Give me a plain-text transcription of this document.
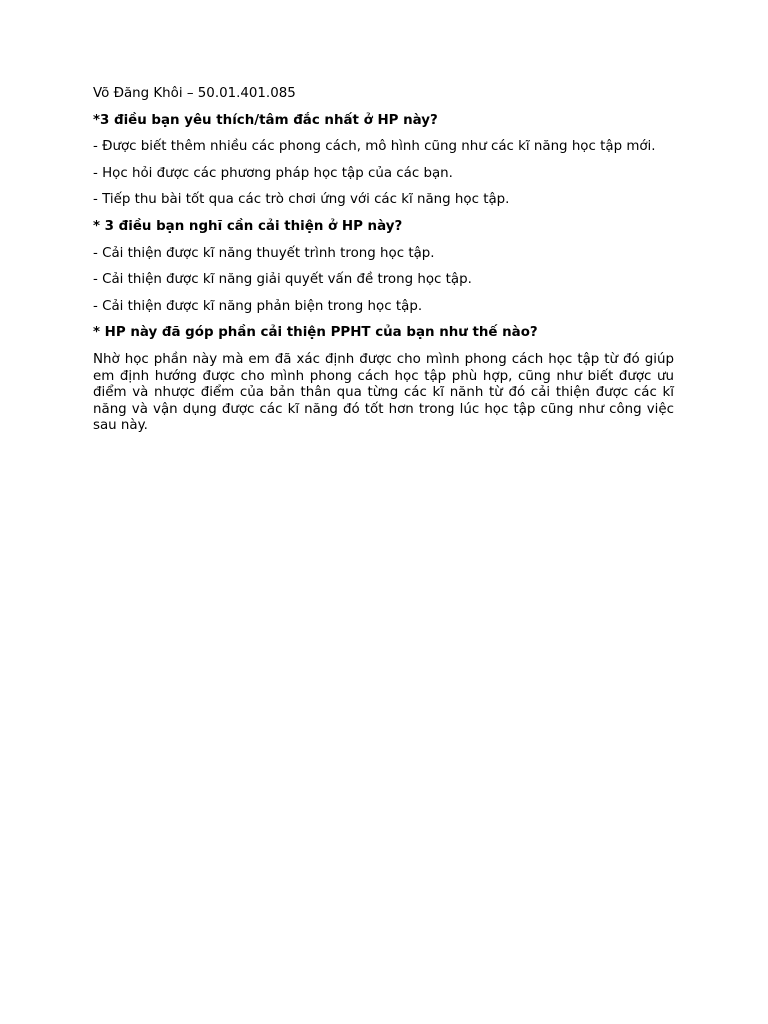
Võ Đăng Khôi – 50.01.401.085

*3 điều bạn yêu thích/tâm đắc nhất ở HP này?

- Được biết thêm nhiều các phong cách, mô hình cũng như các kĩ năng học tập mới.

- Học hỏi được các phương pháp học tập của các bạn.

- Tiếp thu bài tốt qua các trò chơi ứng với các kĩ năng học tập.

* 3 điều bạn nghĩ cần cải thiện ở HP này?

- Cải thiện được kĩ năng thuyết trình trong học tập.

- Cải thiện được kĩ năng giải quyết vấn đề trong học tập.

- Cải thiện được kĩ năng phản biện trong học tập.

* HP này đã góp phần cải thiện PPHT của bạn như thế nào?

Nhờ học phần này mà em đã xác định được cho mình phong cách học tập từ đó giúp em định hướng được cho mình phong cách học tập phù hợp, cũng như biết được ưu điểm và nhược điểm của bản thân qua từng các kĩ nănh từ đó cải thiện được các kĩ năng và vận dụng được các kĩ năng đó tốt hơn trong lúc học tập cũng như công việc sau này.
